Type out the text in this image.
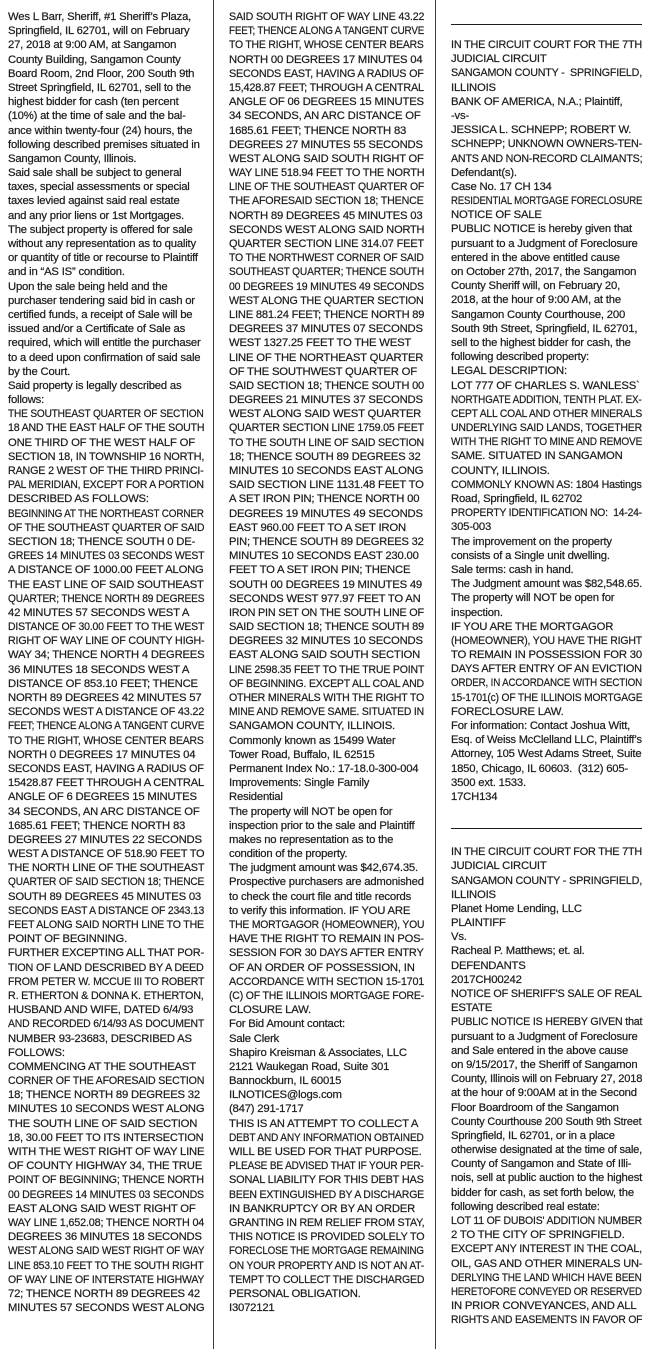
Wes L Barr, Sheriff, #1 Sheriff’s Plaza,
Springfield, IL 62701, will on February
27, 2018 at 9:00 AM, at Sangamon
County Building, Sangamon County
Board Room, 2nd Floor, 200 South 9th
Street Springfield, IL 62701, sell to the
highest bidder for cash (ten percent
(10%) at the time of sale and the bal-
ance within twenty-four (24) hours, the
following described premises situated in
Sangamon County, Illinois.
Said sale shall be subject to general
taxes, special assessments or special
taxes levied against said real estate
and any prior liens or 1st Mortgages.
The subject property is offered for sale
without any representation as to quality
or quantity of title or recourse to Plaintiff
and in “AS IS” condition.
Upon the sale being held and the
purchaser tendering said bid in cash or
certified funds, a receipt of Sale will be
issued and/or a Certificate of Sale as
required, which will entitle the purchaser
to a deed upon confirmation of said sale
by the Court.
Said property is legally described as
follows:
THE SOUTHEAST QUARTER OF SECTION
18 AND THE EAST HALF OF THE SOUTH
ONE THIRD OF THE WEST HALF OF
SECTION 18, IN TOWNSHIP 16 NORTH,
RANGE 2 WEST OF THE THIRD PRINCI-
PAL MERIDIAN, EXCEPT FOR A PORTION
DESCRIBED AS FOLLOWS:
BEGINNING AT THE NORTHEAST CORNER
OF THE SOUTHEAST QUARTER OF SAID
SECTION 18; THENCE SOUTH 0 DE-
GREES 14 MINUTES 03 SECONDS WEST
A DISTANCE OF 1000.00 FEET ALONG
THE EAST LINE OF SAID SOUTHEAST
QUARTER; THENCE NORTH 89 DEGREES
42 MINUTES 57 SECONDS WEST A
DISTANCE OF 30.00 FEET TO THE WEST
RIGHT OF WAY LINE OF COUNTY HIGH-
WAY 34; THENCE NORTH 4 DEGREES
36 MINUTES 18 SECONDS WEST A
DISTANCE OF 853.10 FEET; THENCE
NORTH 89 DEGREES 42 MINUTES 57
SECONDS WEST A DISTANCE OF 43.22
FEET; THENCE ALONG A TANGENT CURVE
TO THE RIGHT, WHOSE CENTER BEARS
NORTH 0 DEGREES 17 MINUTES 04
SECONDS EAST, HAVING A RADIUS OF
15428.87 FEET THROUGH A CENTRAL
ANGLE OF 6 DEGREES 15 MINUTES
34 SECONDS, AN ARC DISTANCE OF
1685.61 FEET; THENCE NORTH 83
DEGREES 27 MINUTES 22 SECONDS
WEST A DISTANCE OF 518.90 FEET TO
THE NORTH LINE OF THE SOUTHEAST
QUARTER OF SAID SECTION 18; THENCE
SOUTH 89 DEGREES 45 MINUTES 03
SECONDS EAST A DISTANCE OF 2343.13
FEET ALONG SAID NORTH LINE TO THE
POINT OF BEGINNING.
FURTHER EXCEPTING ALL THAT POR-
TION OF LAND DESCRIBED BY A DEED
FROM PETER W. MCCUE III TO ROBERT
R. ETHERTON & DONNA K. ETHERTON,
HUSBAND AND WIFE, DATED 6/4/93
AND RECORDED 6/14/93 AS DOCUMENT
NUMBER 93-23683, DESCRIBED AS
FOLLOWS:
COMMENCING AT THE SOUTHEAST
CORNER OF THE AFORESAID SECTION
18; THENCE NORTH 89 DEGREES 32
MINUTES 10 SECONDS WEST ALONG
THE SOUTH LINE OF SAID SECTION
18, 30.00 FEET TO ITS INTERSECTION
WITH THE WEST RIGHT OF WAY LINE
OF COUNTY HIGHWAY 34, THE TRUE
POINT OF BEGINNING; THENCE NORTH
00 DEGREES 14 MINUTES 03 SECONDS
EAST ALONG SAID WEST RIGHT OF
WAY LINE 1,652.08; THENCE NORTH 04
DEGREES 36 MINUTES 18 SECONDS
WEST ALONG SAID WEST RIGHT OF WAY
LINE 853.10 FEET TO THE SOUTH RIGHT
OF WAY LINE OF INTERSTATE HIGHWAY
72; THENCE NORTH 89 DEGREES 42
MINUTES 57 SECONDS WEST ALONG
SAID SOUTH RIGHT OF WAY LINE 43.22
FEET; THENCE ALONG A TANGENT CURVE
TO THE RIGHT, WHOSE CENTER BEARS
NORTH 00 DEGREES 17 MINUTES 04
SECONDS EAST, HAVING A RADIUS OF
15,428.87 FEET; THROUGH A CENTRAL
ANGLE OF 06 DEGREES 15 MINUTES
34 SECONDS, AN ARC DISTANCE OF
1685.61 FEET; THENCE NORTH 83
DEGREES 27 MINUTES 55 SECONDS
WEST ALONG SAID SOUTH RIGHT OF
WAY LINE 518.94 FEET TO THE NORTH
LINE OF THE SOUTHEAST QUARTER OF
THE AFORESAID SECTION 18; THENCE
NORTH 89 DEGREES 45 MINUTES 03
SECONDS WEST ALONG SAID NORTH
QUARTER SECTION LINE 314.07 FEET
TO THE NORTHWEST CORNER OF SAID
SOUTHEAST QUARTER; THENCE SOUTH
00 DEGREES 19 MINUTES 49 SECONDS
WEST ALONG THE QUARTER SECTION
LINE 881.24 FEET; THENCE NORTH 89
DEGREES 37 MINUTES 07 SECONDS
WEST 1327.25 FEET TO THE WEST
LINE OF THE NORTHEAST QUARTER
OF THE SOUTHWEST QUARTER OF
SAID SECTION 18; THENCE SOUTH 00
DEGREES 21 MINUTES 37 SECONDS
WEST ALONG SAID WEST QUARTER
QUARTER SECTION LINE 1759.05 FEET
TO THE SOUTH LINE OF SAID SECTION
18; THENCE SOUTH 89 DEGREES 32
MINUTES 10 SECONDS EAST ALONG
SAID SECTION LINE 1131.48 FEET TO
A SET IRON PIN; THENCE NORTH 00
DEGREES 19 MINUTES 49 SECONDS
EAST 960.00 FEET TO A SET IRON
PIN; THENCE SOUTH 89 DEGREES 32
MINUTES 10 SECONDS EAST 230.00
FEET TO A SET IRON PIN; THENCE
SOUTH 00 DEGREES 19 MINUTES 49
SECONDS WEST 977.97 FEET TO AN
IRON PIN SET ON THE SOUTH LINE OF
SAID SECTION 18; THENCE SOUTH 89
DEGREES 32 MINUTES 10 SECONDS
EAST ALONG SAID SOUTH SECTION
LINE 2598.35 FEET TO THE TRUE POINT
OF BEGINNING. EXCEPT ALL COAL AND
OTHER MINERALS WITH THE RIGHT TO
MINE AND REMOVE SAME. SITUATED IN
SANGAMON COUNTY, ILLINOIS.
Commonly known as 15499 Water
Tower Road, Buffalo, IL 62515
Permanent Index No.: 17-18.0-300-004
Improvements: Single Family
Residential
The property will NOT be open for
inspection prior to the sale and Plaintiff
makes no representation as to the
condition of the property.
The judgment amount was $42,674.35.
Prospective purchasers are admonished
to check the court file and title records
to verify this information. IF YOU ARE
THE MORTGAGOR (HOMEOWNER), YOU
HAVE THE RIGHT TO REMAIN IN POS-
SESSION FOR 30 DAYS AFTER ENTRY
OF AN ORDER OF POSSESSION, IN
ACCORDANCE WITH SECTION 15-1701
(C) OF THE ILLINOIS MORTGAGE FORE-
CLOSURE LAW.
For Bid Amount contact:
Sale Clerk
Shapiro Kreisman & Associates, LLC
2121 Waukegan Road, Suite 301
Bannockburn, IL 60015
ILNOTICES@logs.com
(847) 291-1717
THIS IS AN ATTEMPT TO COLLECT A
DEBT AND ANY INFORMATION OBTAINED
WILL BE USED FOR THAT PURPOSE.
PLEASE BE ADVISED THAT IF YOUR PER-
SONAL LIABILITY FOR THIS DEBT HAS
BEEN EXTINGUISHED BY A DISCHARGE
IN BANKRUPTCY OR BY AN ORDER
GRANTING IN REM RELIEF FROM STAY,
THIS NOTICE IS PROVIDED SOLELY TO
FORECLOSE THE MORTGAGE REMAINING
ON YOUR PROPERTY AND IS NOT AN AT-
TEMPT TO COLLECT THE DISCHARGED
PERSONAL OBLIGATION.
I3072121
IN THE CIRCUIT COURT FOR THE 7TH
JUDICIAL CIRCUIT
SANGAMON COUNTY -  SPRINGFIELD,
ILLINOIS
BANK OF AMERICA, N.A.; Plaintiff,
-vs-
JESSICA L. SCHNEPP; ROBERT W.
SCHNEPP; UNKNOWN OWNERS-TEN-
ANTS AND NON-RECORD CLAIMANTS;
Defendant(s).
Case No. 17 CH 134
RESIDENTIAL MORTGAGE FORECLOSURE
NOTICE OF SALE
PUBLIC NOTICE is hereby given that
pursuant to a Judgment of Foreclosure
entered in the above entitled cause
on October 27th, 2017, the Sangamon
County Sheriff will, on February 20,
2018, at the hour of 9:00 AM, at the
Sangamon County Courthouse, 200
South 9th Street, Springfield, IL 62701,
sell to the highest bidder for cash, the
following described property:
LEGAL DESCRIPTION:
LOT 777 OF CHARLES S. WANLESS`
NORTHGATE ADDITION, TENTH PLAT. EX-
CEPT ALL COAL AND OTHER MINERALS
UNDERLYING SAID LANDS, TOGETHER
WITH THE RIGHT TO MINE AND REMOVE
SAME. SITUATED IN SANGAMON
COUNTY, ILLINOIS.
COMMONLY KNOWN AS: 1804 Hastings
Road, Springfield, IL 62702
PROPERTY IDENTIFICATION NO:  14-24-
305-003
The improvement on the property
consists of a Single unit dwelling.
Sale terms: cash in hand.
The Judgment amount was $82,548.65.
The property will NOT be open for
inspection.
IF YOU ARE THE MORTGAGOR
(HOMEOWNER), YOU HAVE THE RIGHT
TO REMAIN IN POSSESSION FOR 30
DAYS AFTER ENTRY OF AN EVICTION
ORDER, IN ACCORDANCE WITH SECTION
15-1701(c) OF THE ILLINOIS MORTGAGE
FORECLOSURE LAW.
For information: Contact Joshua Witt,
Esq. of Weiss McClelland LLC, Plaintiff’s
Attorney, 105 West Adams Street, Suite
1850, Chicago, IL 60603.  (312) 605-
3500 ext. 1533.
17CH134
IN THE CIRCUIT COURT FOR THE 7TH
JUDICIAL CIRCUIT
SANGAMON COUNTY - SPRINGFIELD,
ILLINOIS
Planet Home Lending, LLC
PLAINTIFF
Vs.
Racheal P. Matthews; et. al.
DEFENDANTS
2017CH00242
NOTICE OF SHERIFF'S SALE OF REAL
ESTATE
PUBLIC NOTICE IS HEREBY GIVEN that
pursuant to a Judgment of Foreclosure
and Sale entered in the above cause
on 9/15/2017, the Sheriff of Sangamon
County, Illinois will on February 27, 2018
at the hour of 9:00AM at in the Second
Floor Boardroom of the Sangamon
County Courthouse 200 South 9th Street
Springfield, IL 62701, or in a place
otherwise designated at the time of sale,
County of Sangamon and State of Illi-
nois, sell at public auction to the highest
bidder for cash, as set forth below, the
following described real estate:
LOT 11 OF DUBOIS' ADDITION NUMBER
2 TO THE CITY OF SPRINGFIELD.
EXCEPT ANY INTEREST IN THE COAL,
OIL, GAS AND OTHER MINERALS UN-
DERLYING THE LAND WHICH HAVE BEEN
HERETOFORE CONVEYED OR RESERVED
IN PRIOR CONVEYANCES, AND ALL
RIGHTS AND EASEMENTS IN FAVOR OF
